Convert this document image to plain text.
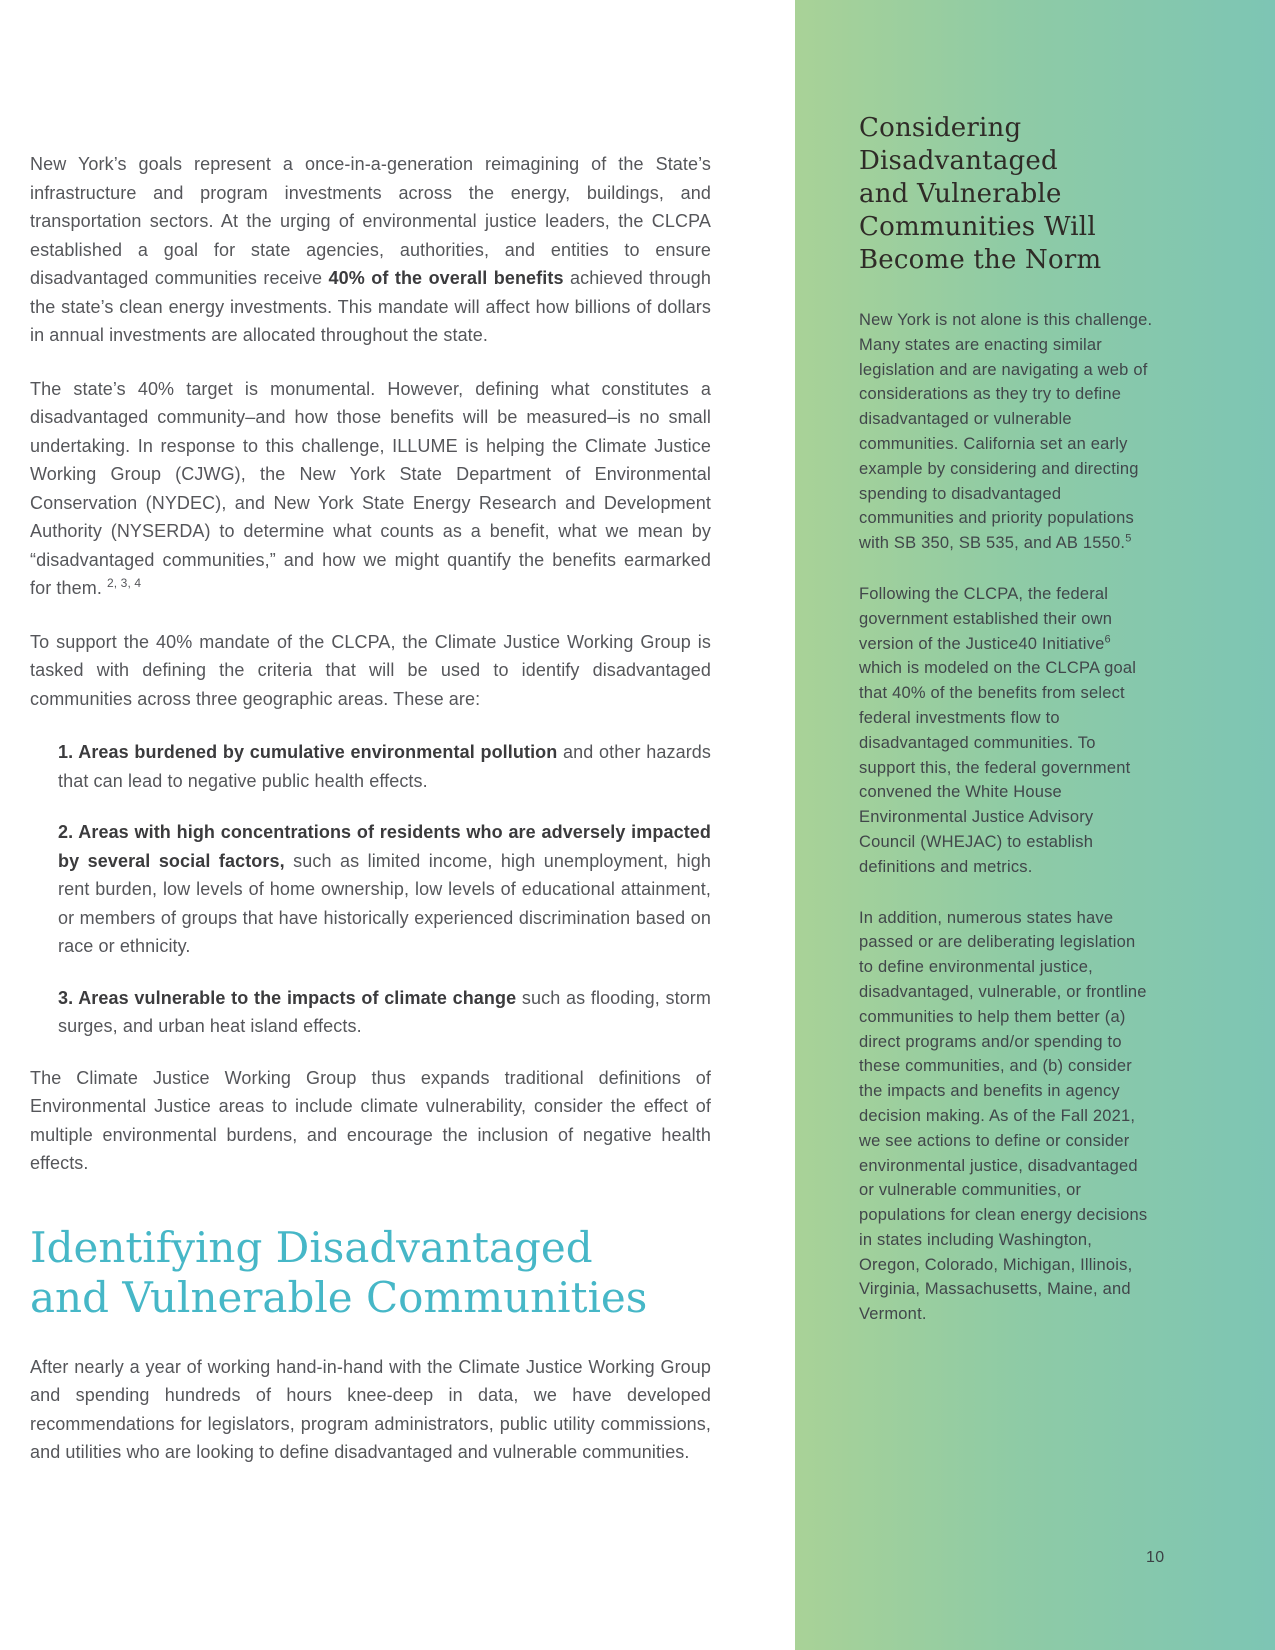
New York’s goals represent a once-in-a-generation reimagining of the State’s infrastructure and program investments across the energy, buildings, and transportation sectors. At the urging of environmental justice leaders, the CLCPA established a goal for state agencies, authorities, and entities to ensure disadvantaged communities receive 40% of the overall benefits achieved through the state’s clean energy investments. This mandate will affect how billions of dollars in annual investments are allocated throughout the state.

The state’s 40% target is monumental. However, defining what constitutes a disadvantaged community–and how those benefits will be measured–is no small undertaking. In response to this challenge, ILLUME is helping the Climate Justice Working Group (CJWG), the New York State Department of Environmental Conservation (NYDEC), and New York State Energy Research and Development Authority (NYSERDA) to determine what counts as a benefit, what we mean by “disadvantaged communities,” and how we might quantify the benefits earmarked for them. $^{2, 3, 4}$

To support the 40% mandate of the CLCPA, the Climate Justice Working Group is tasked with defining the criteria that will be used to identify disadvantaged communities across three geographic areas. These are:

1. Areas burdened by cumulative environmental pollution and other hazards that can lead to negative public health effects.
2. Areas with high concentrations of residents who are adversely impacted by several social factors, such as limited income, high unemployment, high rent burden, low levels of home ownership, low levels of educational attainment, or members of groups that have historically experienced discrimination based on race or ethnicity.
3. Areas vulnerable to the impacts of climate change such as flooding, storm surges, and urban heat island effects.

The Climate Justice Working Group thus expands traditional definitions of Environmental Justice areas to include climate vulnerability, consider the effect of multiple environmental burdens, and encourage the inclusion of negative health effects.

Identifying Disadvantaged
and Vulnerable Communities

After nearly a year of working hand-in-hand with the Climate Justice Working Group and spending hundreds of hours knee-deep in data, we have developed recommendations for legislators, program administrators, public utility commissions, and utilities who are looking to define disadvantaged and vulnerable communities.

Considering
Disadvantaged
and Vulnerable
Communities Will
Become the Norm

New York is not alone is this challenge. Many states are enacting similar legislation and are navigating a web of considerations as they try to define disadvantaged or vulnerable communities. California set an early example by considering and directing spending to disadvantaged communities and priority populations with SB 350, SB 535, and AB 1550.$^5$

Following the CLCPA, the federal government established their own version of the Justice40 Initiative$^6$ which is modeled on the CLCPA goal that 40% of the benefits from select federal investments flow to disadvantaged communities. To support this, the federal government convened the White House Environmental Justice Advisory Council (WHEJAC) to establish definitions and metrics.

In addition, numerous states have passed or are deliberating legislation to define environmental justice, disadvantaged, vulnerable, or frontline communities to help them better (a) direct programs and/or spending to these communities, and (b) consider the impacts and benefits in agency decision making. As of the Fall 2021, we see actions to define or consider environmental justice, disadvantaged or vulnerable communities, or populations for clean energy decisions in states including Washington, Oregon, Colorado, Michigan, Illinois, Virginia, Massachusetts, Maine, and Vermont.

10
